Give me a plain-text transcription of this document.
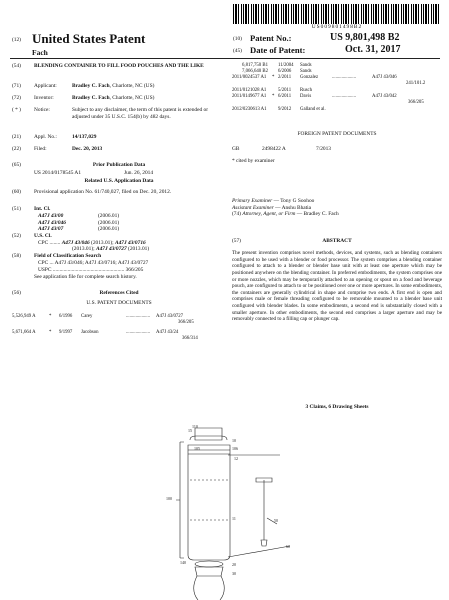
US009801498B2
(12) United States Patent
Fach
(10) Patent No.:	US 9,801,498 B2
(45) Date of Patent:	Oct. 31, 2017
(54)	BLENDING CONTAINER TO FILL FOOD POUCHES AND THE LIKE
(71)	Applicant:	Bradley C. Fach, Charlotte, NC (US)
(72)	Inventor:	Bradley C. Fach, Charlotte, NC (US)
( * )	Notice:	Subject to any disclaimer, the term of this patent is extended or adjusted under 35 U.S.C. 154(b) by 482 days.
(21)	Appl. No.:	14/137,029
(22)	Filed:	Dec. 20, 2013
(65)	Prior Publication Data
US 2014/0178545 A1	Jun. 26, 2014
Related U.S. Application Data
(60)	Provisional application No. 61/740,027, filed on Dec. 20, 2012.
(51)	Int. Cl.
A47J 43/00	(2006.01)
A47J 43/046	(2006.01)
A47J 43/07	(2006.01)
(52)	U.S. Cl.
CPC ........ A47J 43/046 (2013.01); A47J 43/0716
(2013.01); A47J 43/0727 (2013.01)
(58)	Field of Classification Search
CPC ... A47J 43/046; A47J 43/0716; A47J 43/0727
USPC ..................................................... 366/205
See application file for complete search history.
(56)	References Cited
U.S. PATENT DOCUMENTS
5,526,949 A	*	6/1996	Carey	....................	A47J 43/0727
366/205
5,671,664 A	*	9/1997	Jacobson	....................	A47J 43/24
366/314
6,817,750 B1	11/2004	Sands
7,066,640 B2	6/2006	Sands
2011/0024537 A1	* 2/2011	Gonzalez	....................	A47J 43/046
241/101.2
2011/0121028 A1	5/2011	Rusch
2011/0149677 A1	* 6/2011	Davis	....................	A47J 43/042
366/205
2012/0230613 A1	9/2012	Galland et al.
FOREIGN PATENT DOCUMENTS
GB	2498422 A	7/2013
* cited by examiner
Primary Examiner — Tony G Soohoo
Assistant Examiner — Anshu Bhatia
(74) Attorney, Agent, or Firm — Bradley C. Fach
(57)	ABSTRACT
The present invention comprises novel methods, devices, and systems, such as blending containers configured to be used with a blender or food processor. The system comprises a blending container configured to attach to a blender or blender base unit with at least one aperture which may be positioned anywhere on the blending container. In preferred embodiments, the system comprises one or more nozzles, which may be temporarily attached to an opening or spout on a food and beverage pouch, are configured to attach to or be positioned over one or more apertures. In some embodiments, the containers are generally cylindrical in shape and comprise two ends. A first end is open and comprises male or female threading configured to be removable mounted to a blender base unit configured with blender blades. In some embodiments, a second end is substantially closed with a smaller aperture. In other embodiments, the second end comprises a larger aperture and may be removably connected to a filling cap or plunger cap.
3 Claims, 6 Drawing Sheets
110
100
10
140	20
30
12
15
106
105
50
60
11
